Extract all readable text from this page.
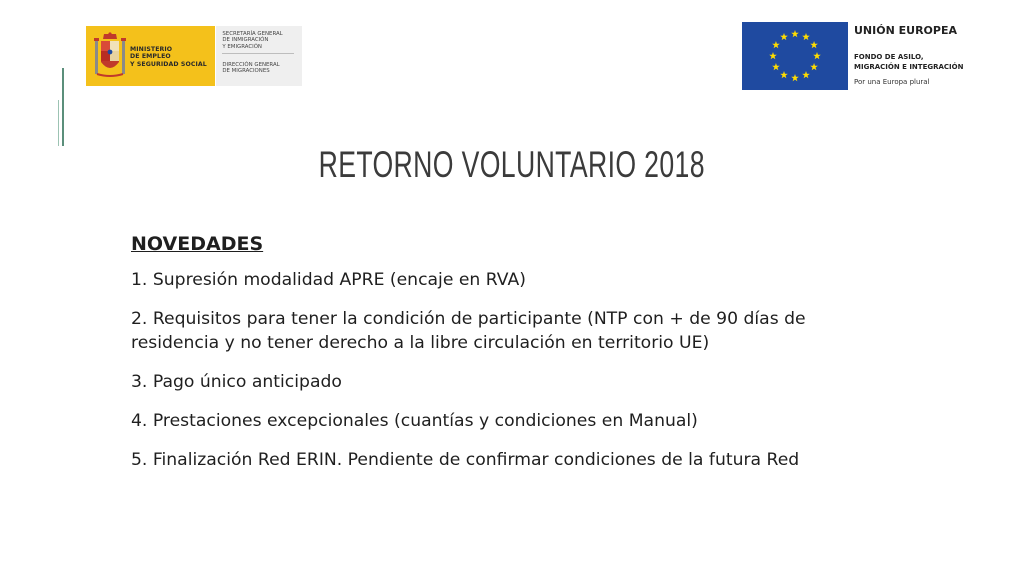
MINISTERIO
DE EMPLEO
Y SEGURIDAD SOCIAL
SECRETARÍA GENERAL
DE INMIGRACIÓN
Y EMIGRACIÓN
DIRECCIÓN GENERAL
DE MIGRACIONES
UNIÓN EUROPEA
FONDO DE ASILO,
MIGRACIÓN E INTEGRACIÓN
Por una Europa plural
RETORNO VOLUNTARIO 2018
NOVEDADES
1. Supresión modalidad APRE (encaje en RVA)
2. Requisitos para tener la condición de participante (NTP con + de 90 días de residencia y no tener derecho a la libre circulación en territorio UE)
3. Pago único anticipado
4. Prestaciones excepcionales (cuantías y condiciones en Manual)
5. Finalización Red ERIN. Pendiente de confirmar condiciones de la futura Red
